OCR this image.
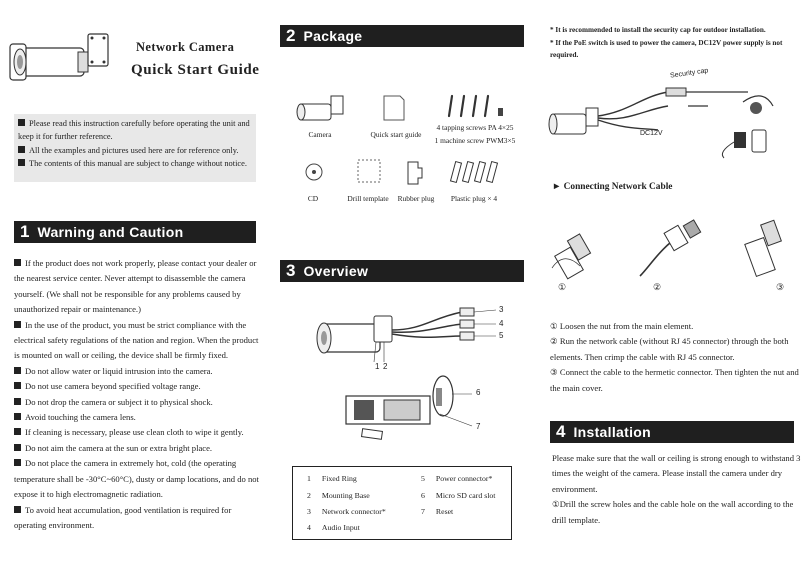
Network Camera
Quick Start Guide
Please read this instruction carefully before operating the unit and keep it for further reference.
All the examples and pictures used here are for reference only.
The contents of this manual are subject to change without notice.
1 Warning and Caution
If the product does not work properly, please contact your dealer or the nearest service center. Never attempt to disassemble the camera yourself. (We shall not be responsible for any problems caused by unauthorized repair or maintenance.)
In the use of the product, you must be strict compliance with the electrical safety regulations of the nation and region. When the product is mounted on wall or ceiling, the device shall be firmly fixed.
Do not allow water or liquid intrusion into the camera.
Do not use camera beyond specified voltage range.
Do not drop the camera or subject it to physical shock.
Avoid touching the camera lens.
If cleaning is necessary, please use clean cloth to wipe it gently.
Do not aim the camera at the sun or extra bright place.
Do not place the camera in extremely hot, cold (the operating temperature shall be -30°C~60°C), dusty or damp locations, and do not expose it to high electromagnetic radiation.
To avoid heat accumulation, good ventilation is required for operating environment.
2 Package
Camera	Quick start guide
4 tapping screws PA 4×25
1 machine screw PWM3×5
CD	Drill template	Rubber plug	Plastic plug × 4
3 Overview
1 2
3
4
5
6
7
1 Fixed Ring	5 Power connector*
2 Mounting Base	6 Micro SD card slot
3 Network connector*	7 Reset
4 Audio Input
* It is recommended to install the security cap for outdoor installation.
* If the PoE switch is used to power the camera, DC12V power supply is not required.
Security cap
DC12V
► Connecting Network Cable
①	②	③
① Loosen the nut from the main element.
② Run the network cable (without RJ 45 connector) through the both elements. Then crimp the cable with RJ 45 connector.
③ Connect the cable to the hermetic connector. Then tighten the nut and the main cover.
4 Installation
Please make sure that the wall or ceiling is strong enough to withstand 3 times the weight of the camera. Please install the camera under dry environment.
①Drill the screw holes and the cable hole on the wall according to the drill template.
